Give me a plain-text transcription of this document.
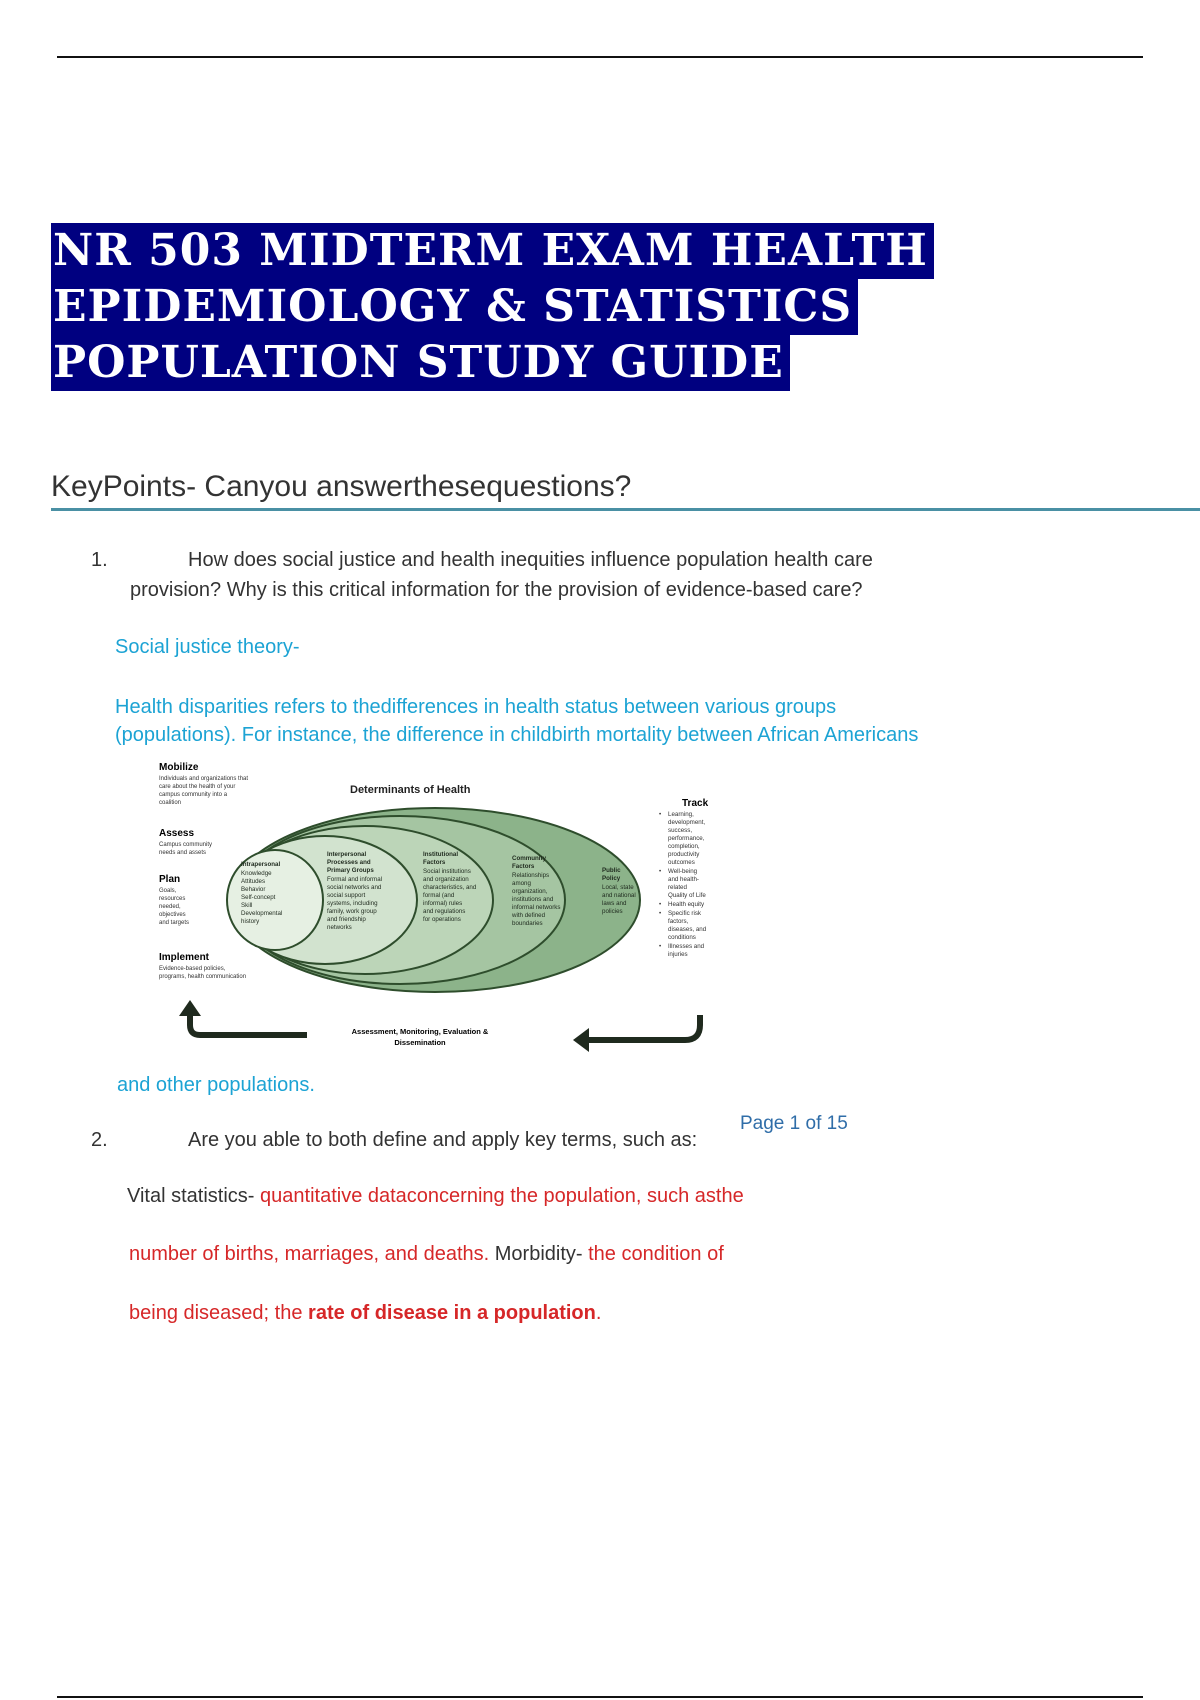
NR 503 MIDTERM EXAM HEALTH
EPIDEMIOLOGY & STATISTICS
POPULATION STUDY GUIDE
KeyPoints- Canyou answerthesequestions?
1.	How does social justice and health inequities influence population health care
provision? Why is this critical information for the provision of evidence-based care?
Social justice theory-
Health disparities refers to thedifferences in health status between various groups
(populations). For instance, the difference in childbirth mortality between African Americans
Mobilize
Individuals and organizations that
care about the health of your
campus community into a
coalition
Assess
Campus community
needs and assets
Plan
Goals,
resources
needed,
objectives
and targets
Implement
Evidence-based policies,
programs, health communication
Determinants of Health
Intrapersonal
Knowledge
Attitudes
Behavior
Self-concept
Skill
Developmental
history
Interpersonal
Processes and
Primary Groups
Formal and informal
social networks and
social support
systems, including
family, work group
and friendship
networks
Institutional
Factors
Social institutions
and organization
characteristics, and
formal (and
informal) rules
and regulations
for operations
Community
Factors
Relationships
among
organization,
institutions and
informal networks
with defined
boundaries
Public
Policy
Local, state
and national
laws and
policies
Track
• Learning,
development,
success,
performance,
completion,
productivity
outcomes
• Well-being
and health-
related
Quality of Life
• Health equity
• Specific risk
factors,
diseases, and
conditions
• Illnesses and
injuries
Assessment, Monitoring, Evaluation &
Dissemination
and other populations.
Page 1 of 15
2.	Are you able to both define and apply key terms, such as:
Vital statistics- quantitative dataconcerning the population, such asthe
number of births, marriages, and deaths. Morbidity- the condition of
being diseased; the rate of disease in a population.
